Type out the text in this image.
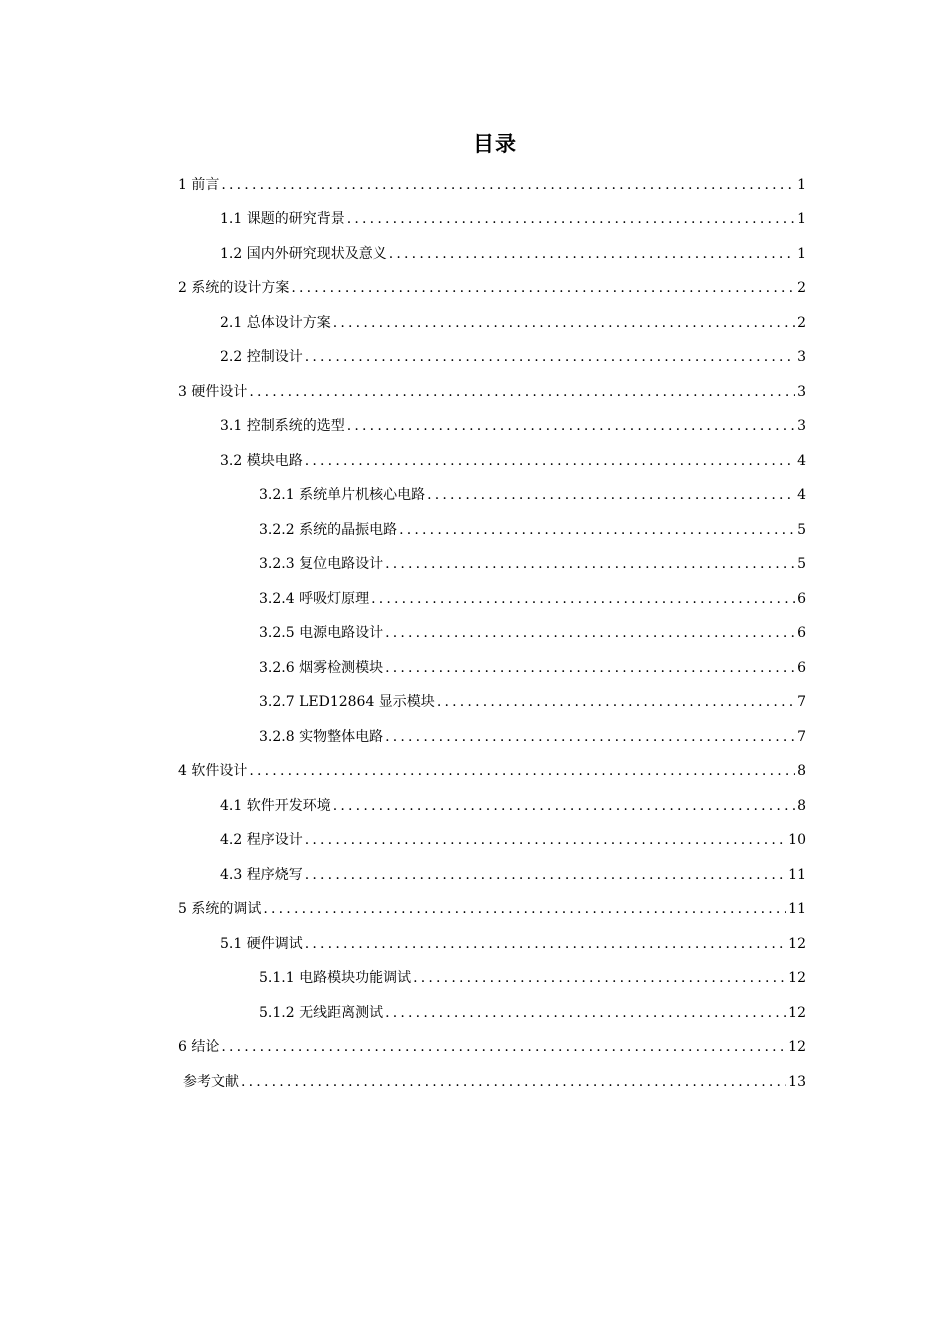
目录
1 前言 .....	1
1.1 课题的研究背景 .....	1
1.2 国内外研究现状及意义 .....	1
2 系统的设计方案 .....	2
2.1 总体设计方案 .....	2
2.2 控制设计 .....	3
3 硬件设计 .....	3
3.1 控制系统的选型 .....	3
3.2 模块电路 .....	4
3.2.1 系统单片机核心电路 .....	4
3.2.2 系统的晶振电路 .....	5
3.2.3 复位电路设计 .....	5
3.2.4 呼吸灯原理 .....	6
3.2.5 电源电路设计 .....	6
3.2.6 烟雾检测模块 .....	6
3.2.7 LED12864 显示模块 .....	7
3.2.8 实物整体电路 .....	7
4 软件设计 .....	8
4.1 软件开发环境 .....	8
4.2 程序设计 .....	10
4.3 程序烧写 .....	11
5 系统的调试 .....	11
5.1 硬件调试 .....	12
5.1.1 电路模块功能调试 .....	12
5.1.2 无线距离测试 .....	12
6 结论 .....	12
参考文献 .....	13
